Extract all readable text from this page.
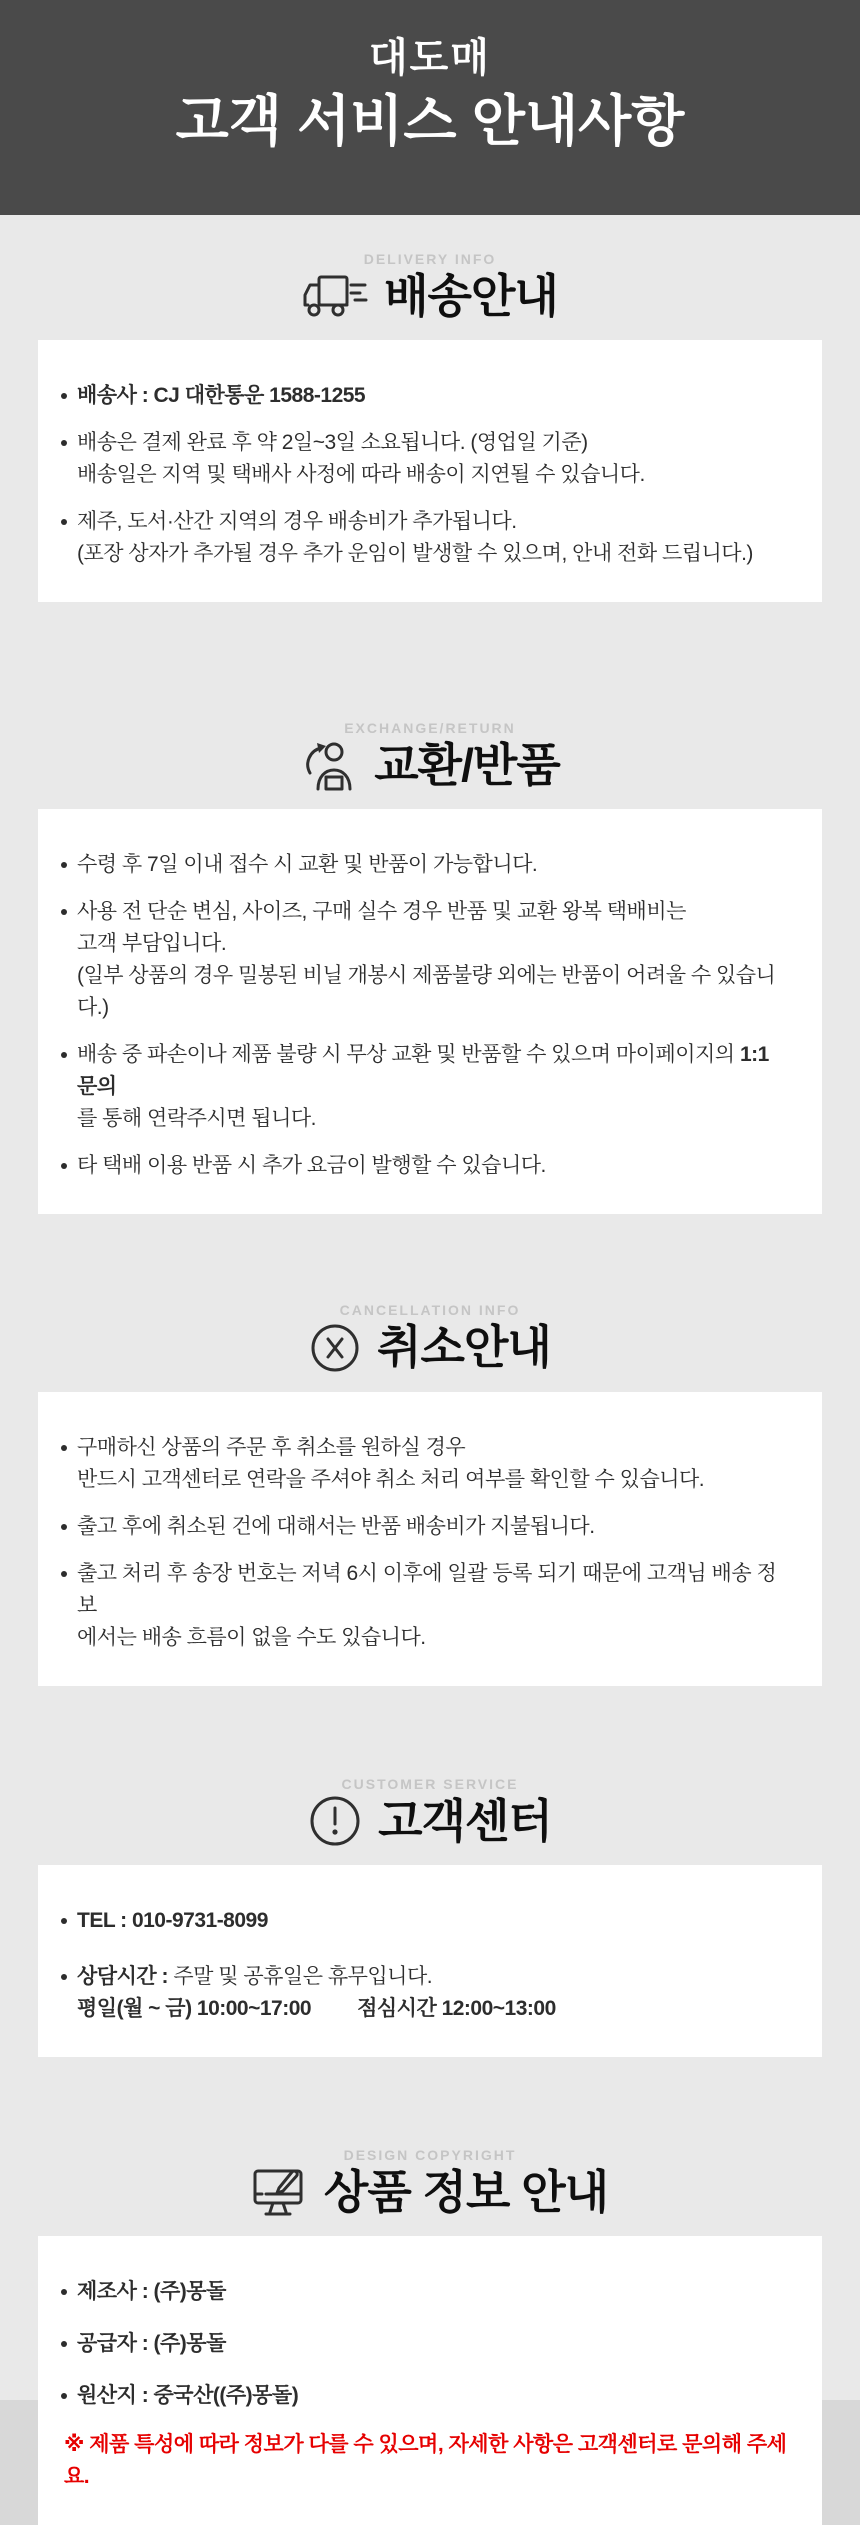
대도매
고객 서비스 안내사항
DELIVERY INFO
배송안내
배송사 : CJ 대한통운 1588-1255
배송은 결제 완료 후 약 2일~3일 소요됩니다. (영업일 기준)
배송일은 지역 및 택배사 사정에 따라 배송이 지연될 수 있습니다.
제주, 도서·산간 지역의 경우 배송비가 추가됩니다.
(포장 상자가 추가될 경우 추가 운임이 발생할 수 있으며, 안내 전화 드립니다.)
EXCHANGE/RETURN
교환/반품
수령 후 7일 이내 접수 시 교환 및 반품이 가능합니다.
사용 전 단순 변심, 사이즈, 구매 실수 경우 반품 및 교환 왕복 택배비는
고객 부담입니다.
(일부 상품의 경우 밀봉된 비닐 개봉시 제품불량 외에는 반품이 어려울 수 있습니다.)
배송 중 파손이나 제품 불량 시 무상 교환 및 반품할 수 있으며 마이페이지의 1:1 문의
를 통해 연락주시면 됩니다.
타 택배 이용 반품 시 추가 요금이 발행할 수 있습니다.
CANCELLATION INFO
취소안내
구매하신 상품의 주문 후 취소를 원하실 경우
반드시 고객센터로 연락을 주셔야 취소 처리 여부를 확인할 수 있습니다.
출고 후에 취소된 건에 대해서는 반품 배송비가 지불됩니다.
출고 처리 후 송장 번호는 저녁 6시 이후에 일괄 등록 되기 때문에 고객님 배송 정보
에서는 배송 흐름이 없을 수도 있습니다.
CUSTOMER SERVICE
고객센터
TEL : 010-9731-8099
상담시간 : 주말 및 공휴일은 휴무입니다.
평일(월 ~ 금) 10:00~17:00 점심시간 12:00~13:00
DESIGN COPYRIGHT
상품 정보 안내
제조사 : (주)몽돌
공급자 : (주)몽돌
원산지 : 중국산((주)몽돌)
※ 제품 특성에 따라 정보가 다를 수 있으며, 자세한 사항은 고객센터로 문의해 주세요.
